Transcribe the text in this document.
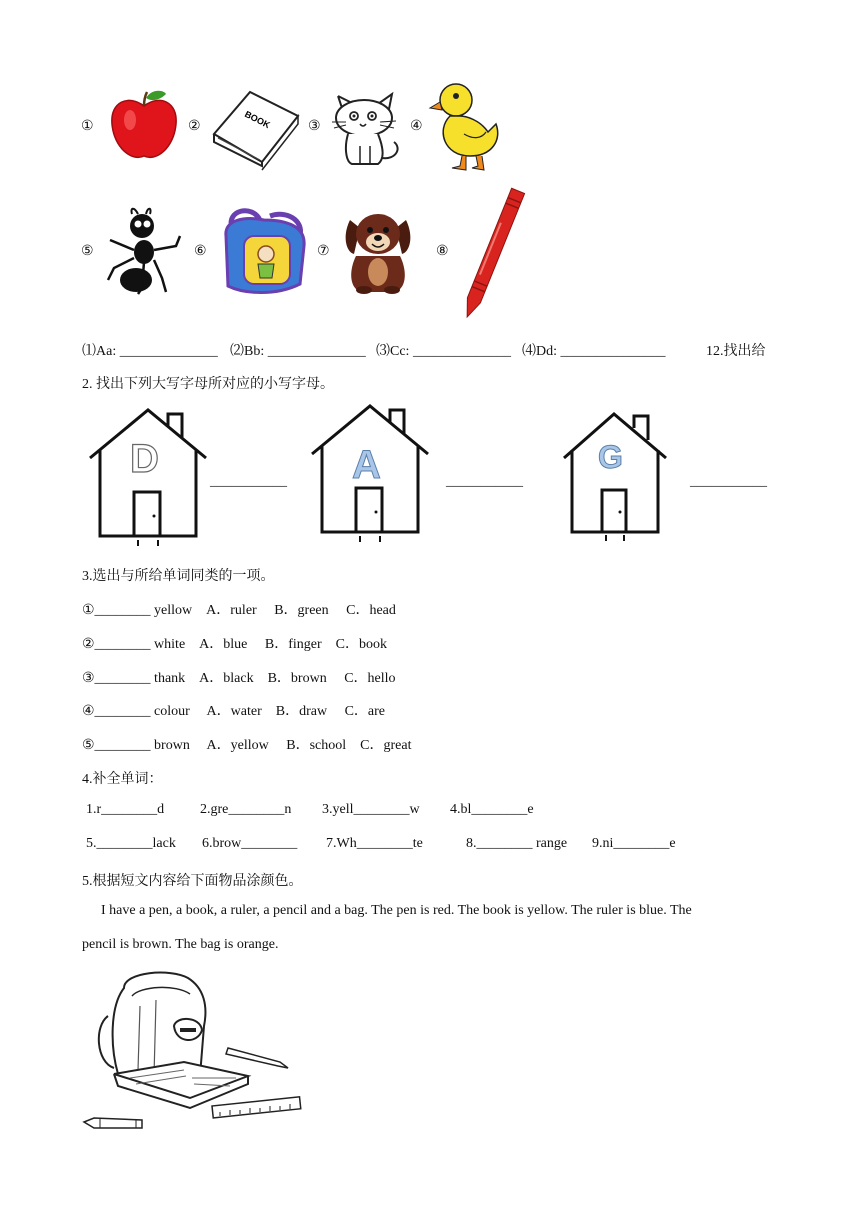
①	②	BOOK	③	④
⑤	⑥	⑦	⑧
⑴Aa: ______________ ⑵Bb: ______________ ⑶Cc: ______________ ⑷Dd: _______________	12.找出给
2. 找出下列大写字母所对应的小写字母。
D
___________ A	___________
G
___________
3.选出与所给单词同类的一项。
①________ yellow　A．ruler　 B．green　 C．head
②________ white　A．blue　 B．finger　C．book
③________ thank　A．black　B．brown　 C．hello
④________ colour　 A．water　B．draw　 C．are
⑤________ brown　 A．yellow　 B．school　C．great
4.补全单词：
1.r________d	2.gre________n 3.yell________w 4.bl________e
5.________lack 6.brow________ 7.Wh________te	8.________ range 9.ni________e
5.根据短文内容给下面物品涂颜色。
I have a pen, a book, a ruler, a pencil and a bag. The pen is red. The book is yellow. The ruler is blue. The
pencil is brown. The bag is orange.
